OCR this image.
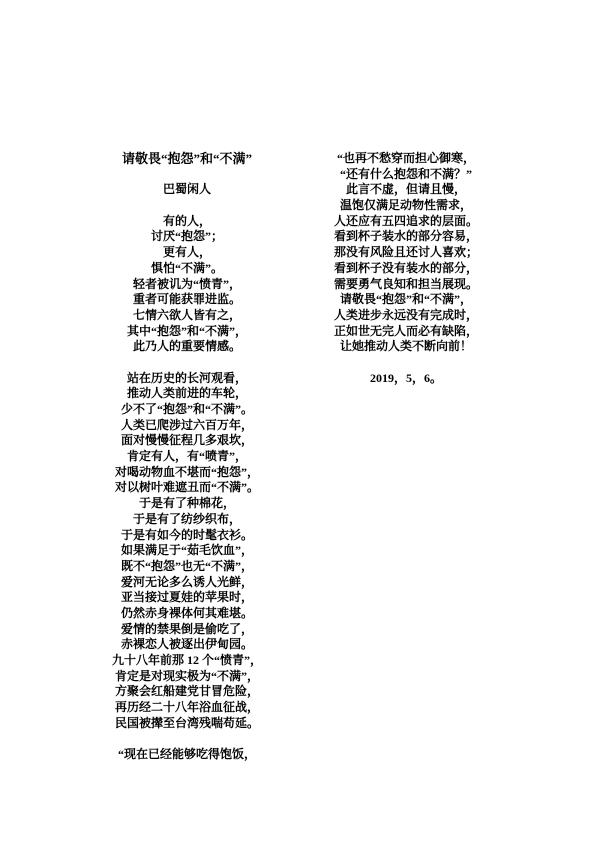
请敬畏“抱怨”和“不满”

巴蜀闲人

有的人，
讨厌“抱怨”；
更有人，
惧怕“不满”。
轻者被讥为“愤青”，
重者可能获罪进监。
七情六欲人皆有之，
其中“抱怨”和“不满”，
此乃人的重要情感。

站在历史的长河观看，
推动人类前进的车轮，
少不了“抱怨”和“不满”。
人类已爬涉过六百万年，
面对慢慢征程几多艰坎，
肯定有人，有“喷青”，
对喝动物血不堪而“抱怨”，
对以树叶难遮丑而“不满”。
于是有了种棉花，
于是有了纺纱织布，
于是有如今的时髦衣衫。
如果满足于“茹毛饮血”，
既不“抱怨”也无“不满”，
爱河无论多么诱人光鲜，
亚当接过夏娃的苹果时，
仍然赤身裸体何其难堪。
爱情的禁果倒是偷吃了，
赤裸恋人被逐出伊甸园。
九十八年前那 12 个“愤青”，
肯定是对现实极为“不满”，
方聚会红船建党甘冒危险，
再历经二十八年浴血征战，
民国被撵至台湾残喘苟延。

“现在已经能够吃得饱饭，
“也再不愁穿而担心御寒，
“还有什么抱怨和不满？”
此言不虚，但请且慢，
温饱仅满足动物性需求，
人还应有五四追求的层面。
看到杯子装水的部分容易，
那没有风险且还讨人喜欢；
看到杯子没有装水的部分，
需要勇气良知和担当展现。
请敬畏“抱怨”和“不满”，
人类进步永远没有完成时，
正如世无完人而必有缺陷，
让她推动人类不断向前！

2019，5，6。
